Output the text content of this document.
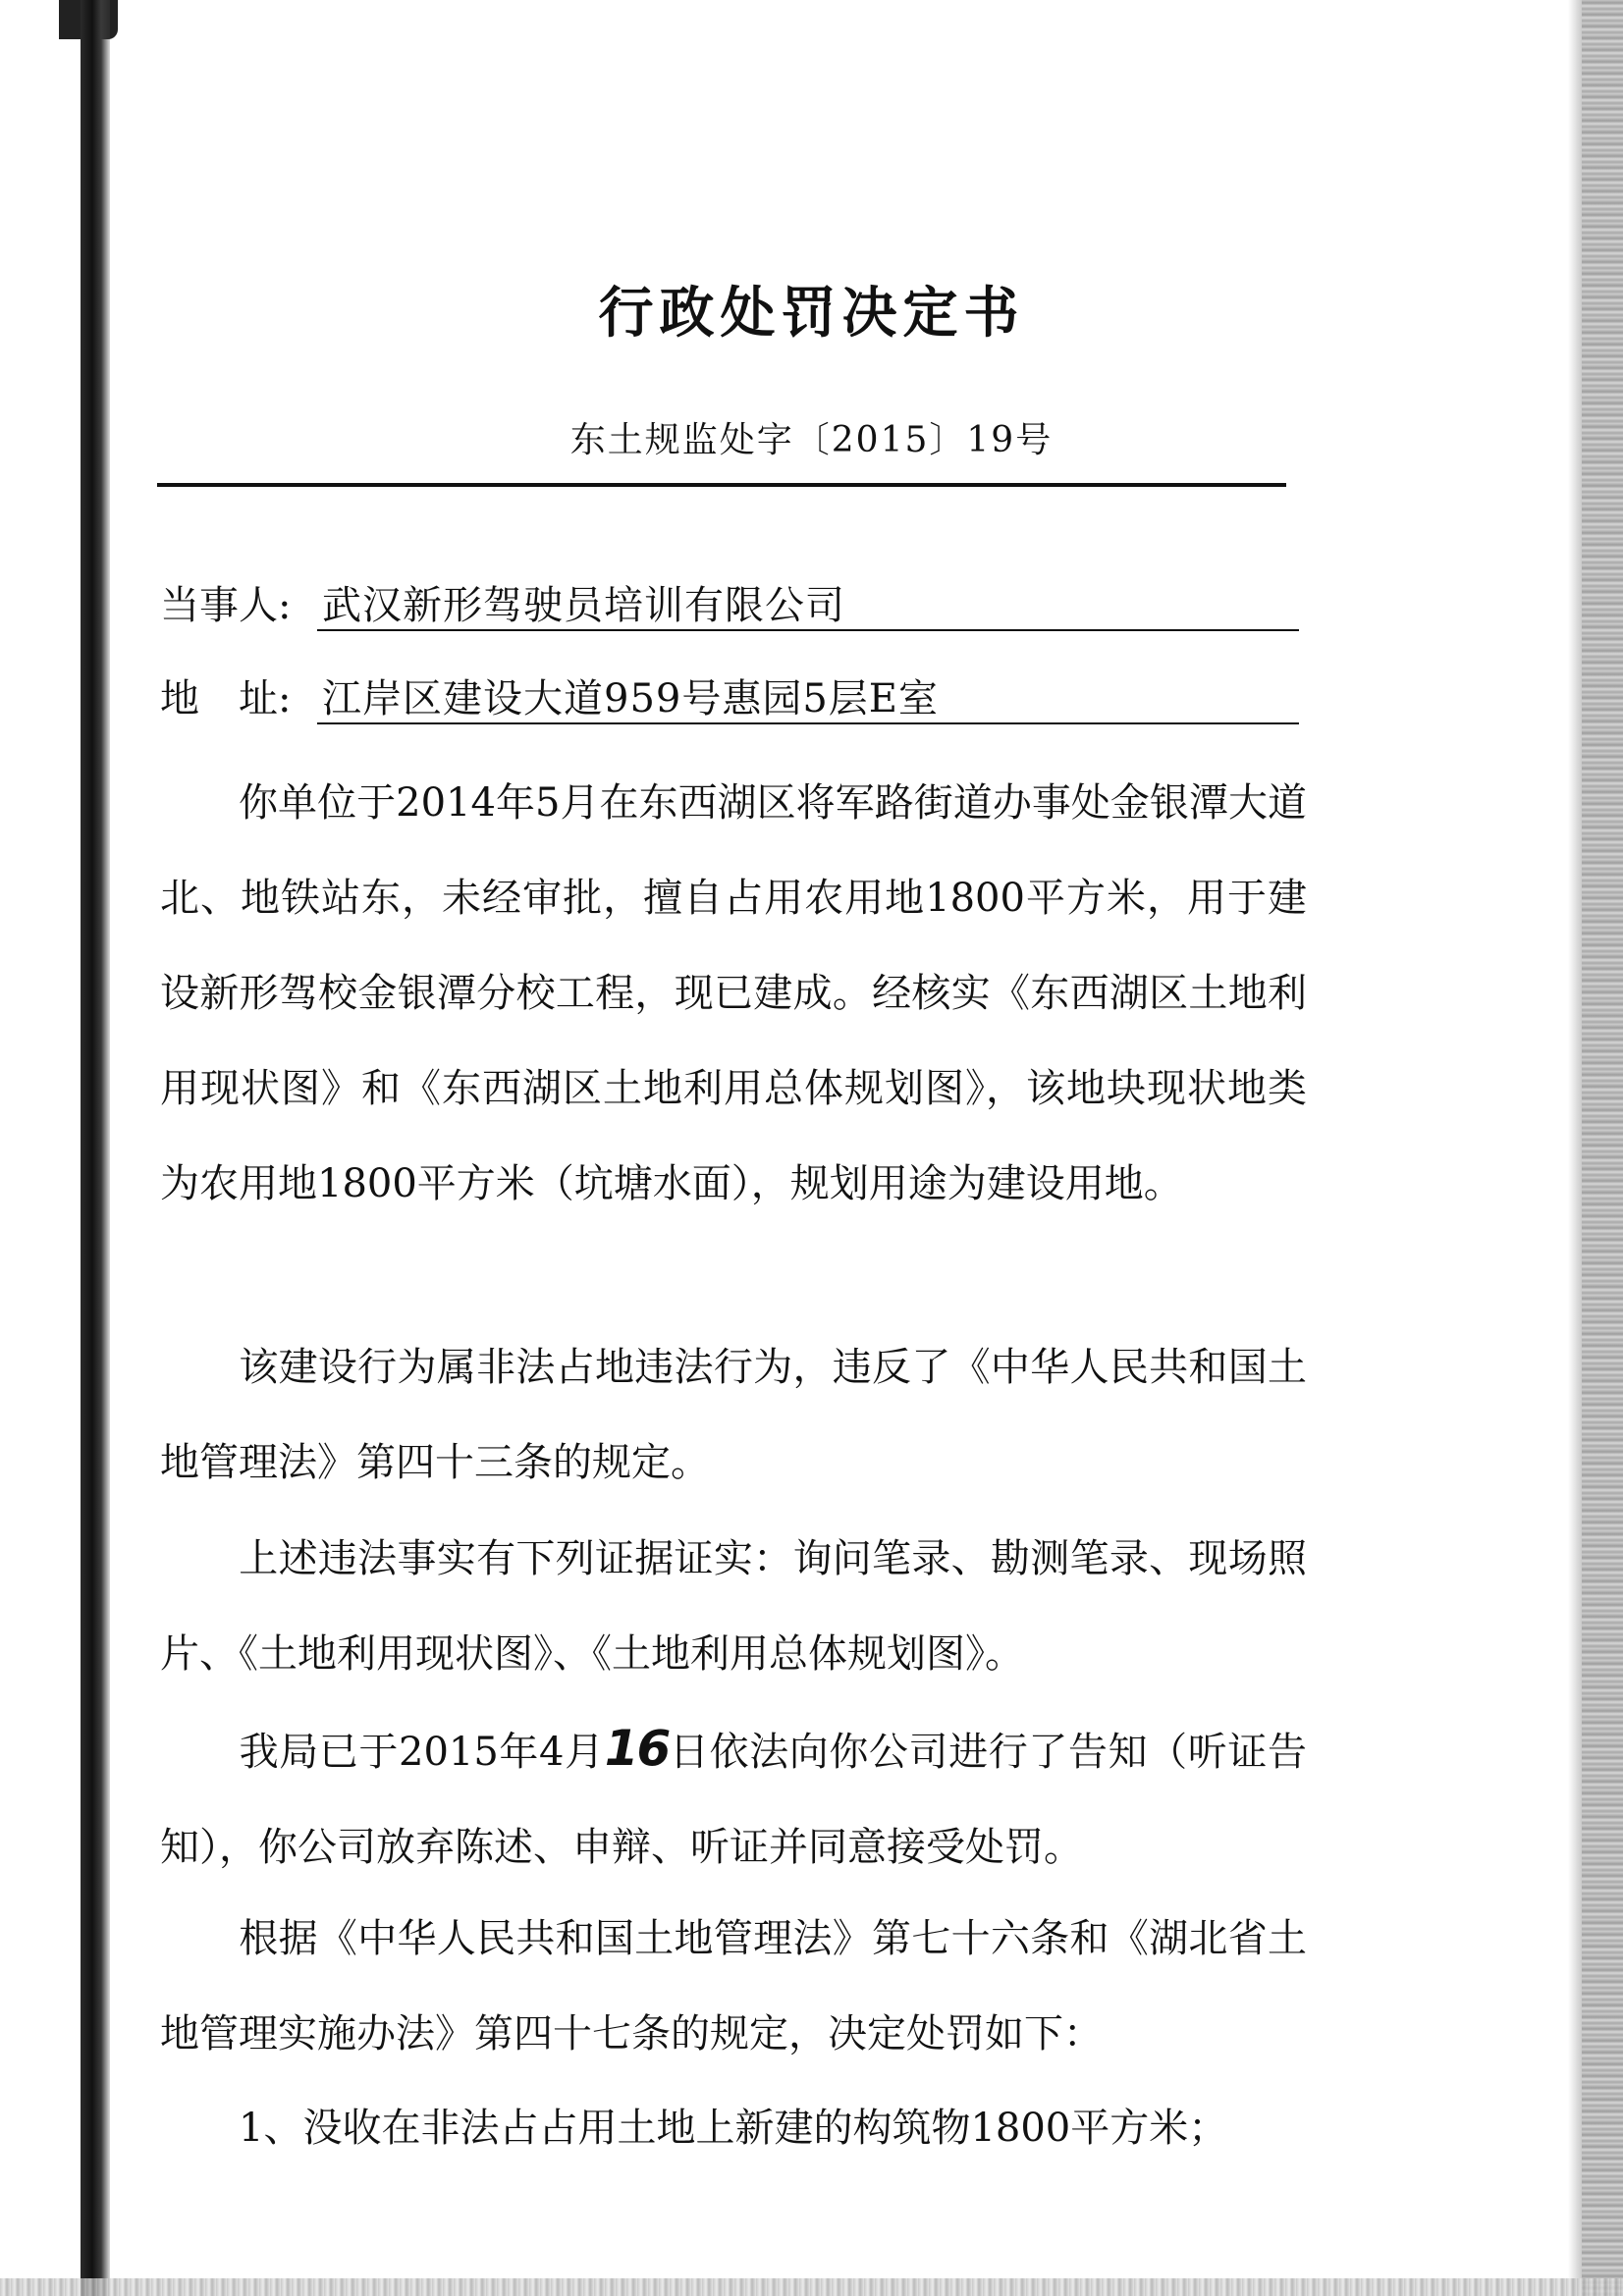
行政处罚决定书

东土规监处字〔2015〕19号

当事人: 武汉新形驾驶员培训有限公司
地　址: 江岸区建设大道959号惠园5层E室

你单位于2014年5月在东西湖区将军路街道办事处金银潭大道北、地铁站东，未经审批，擅自占用农用地1800平方米，用于建设新形驾校金银潭分校工程，现已建成。经核实《东西湖区土地利用现状图》和《东西湖区土地利用总体规划图》，该地块现状地类为农用地1800平方米（坑塘水面），规划用途为建设用地。

该建设行为属非法占地违法行为，违反了《中华人民共和国土地管理法》第四十三条的规定。

上述违法事实有下列证据证实：询问笔录、勘测笔录、现场照片、《土地利用现状图》、《土地利用总体规划图》。

我局已于2015年4月16日依法向你公司进行了告知（听证告知），你公司放弃陈述、申辩、听证并同意接受处罚。

根据《中华人民共和国土地管理法》第七十六条和《湖北省土地管理实施办法》第四十七条的规定，决定处罚如下：

1、没收在非法占占用土地上新建的构筑物1800平方米；
